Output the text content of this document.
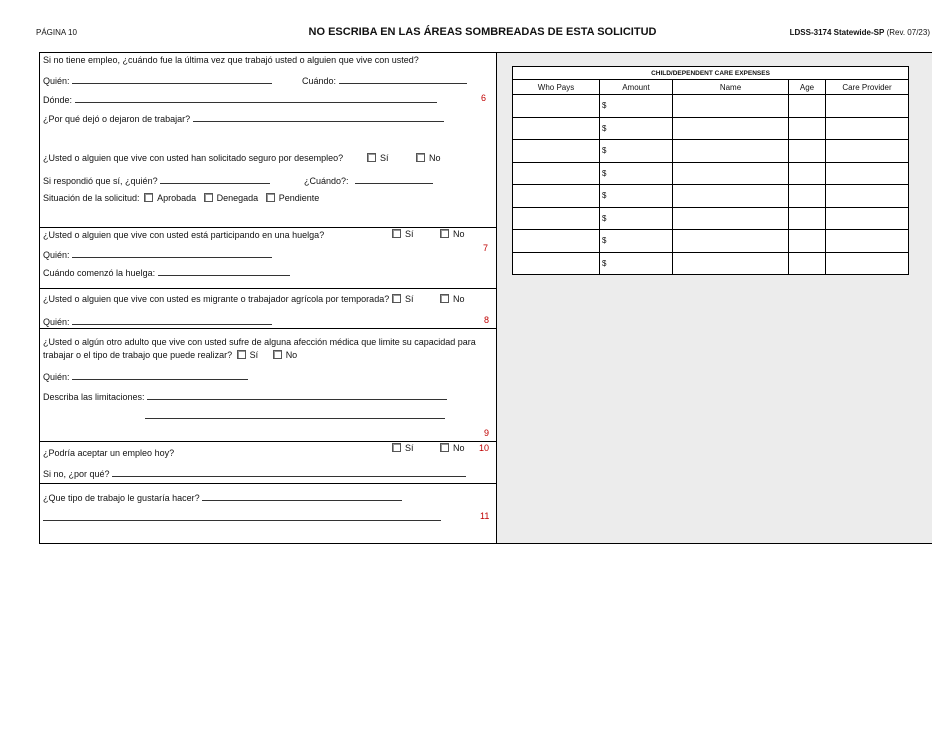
PÁGINA 10	NO ESCRIBA EN LAS ÁREAS SOMBREADAS DE ESTA SOLICITUD	LDSS-3174 Statewide-SP (Rev. 07/23)
Si no tiene empleo, ¿cuándo fue la última vez que trabajó usted o alguien que vive con usted?
Quién:	Cuándo:
Dónde:	6
¿Por qué dejó o dejaron de trabajar?
¿Usted o alguien que vive con usted han solicitado seguro por desempleo?	Sí	No
Si respondió que sí, ¿quién?	¿Cuándo?:
Situación de la solicitud: Aprobada Denegada Pendiente
¿Usted o alguien que vive con usted está participando en una huelga?	Sí	No
7
Quién:
Cuándo comenzó la huelga:
¿Usted o alguien que vive con usted es migrante o trabajador agrícola por temporada?	Sí	No
Quién:	8
¿Usted o algún otro adulto que vive con usted sufre de alguna afección médica que limite su capacidad para
trabajar o el tipo de trabajo que puede realizar? Sí	No
Quién:
Describa las limitaciones:
9
¿Podría aceptar un empleo hoy?	Sí	No 10
Si no, ¿por qué?
¿Que tipo de trabajo le gustaría hacer?
11
CHILD/DEPENDENT CARE EXPENSES				
Who Pays	Amount	Name	Age	Care Provider
	$			
	$			
	$			
	$			
	$			
	$			
	$			
	$			
